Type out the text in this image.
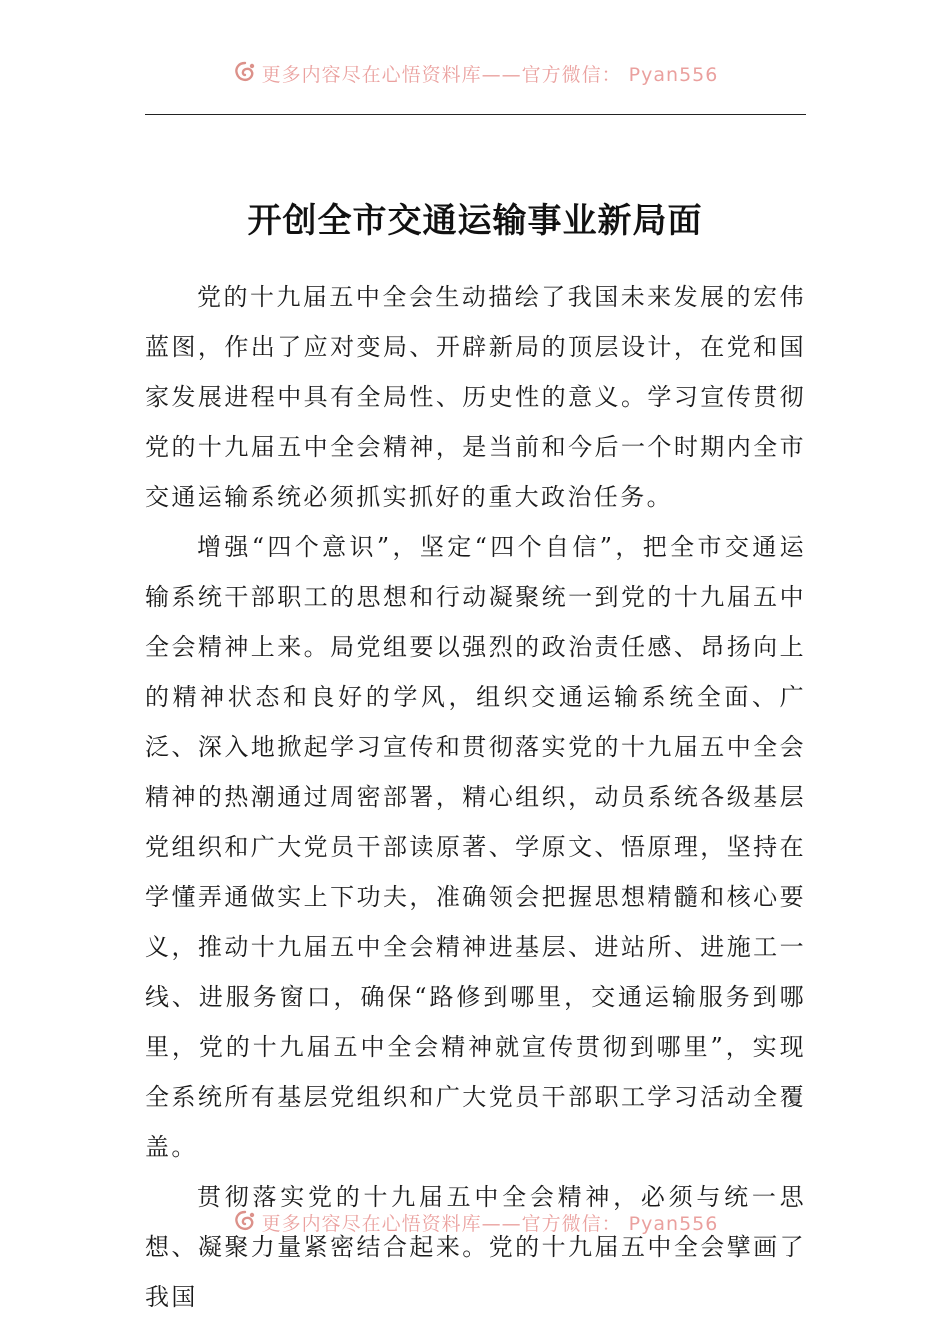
更多内容尽在心悟资料库——官方微信： Pyan556
开创全市交通运输事业新局面

党的十九届五中全会生动描绘了我国未来发展的宏伟蓝图，作出了应对变局、开辟新局的顶层设计，在党和国家发展进程中具有全局性、历史性的意义。学习宣传贯彻党的十九届五中全会精神，是当前和今后一个时期内全市交通运输系统必须抓实抓好的重大政治任务。

增强“四个意识”，坚定“四个自信”，把全市交通运输系统干部职工的思想和行动凝聚统一到党的十九届五中全会精神上来。局党组要以强烈的政治责任感、昂扬向上的精神状态和良好的学风，组织交通运输系统全面、广泛、深入地掀起学习宣传和贯彻落实党的十九届五中全会精神的热潮通过周密部署，精心组织，动员系统各级基层党组织和广大党员干部读原著、学原文、悟原理，坚持在学懂弄通做实上下功夫，准确领会把握思想精髓和核心要义，推动十九届五中全会精神进基层、进站所、进施工一线、进服务窗口，确保“路修到哪里，交通运输服务到哪里，党的十九届五中全会精神就宣传贯彻到哪里”，实现全系统所有基层党组织和广大党员干部职工学习活动全覆盖。

贯彻落实党的十九届五中全会精神，必须与统一思想、凝聚力量紧密结合起来。党的十九届五中全会擘画了我国

更多内容尽在心悟资料库——官方微信： Pyan556
